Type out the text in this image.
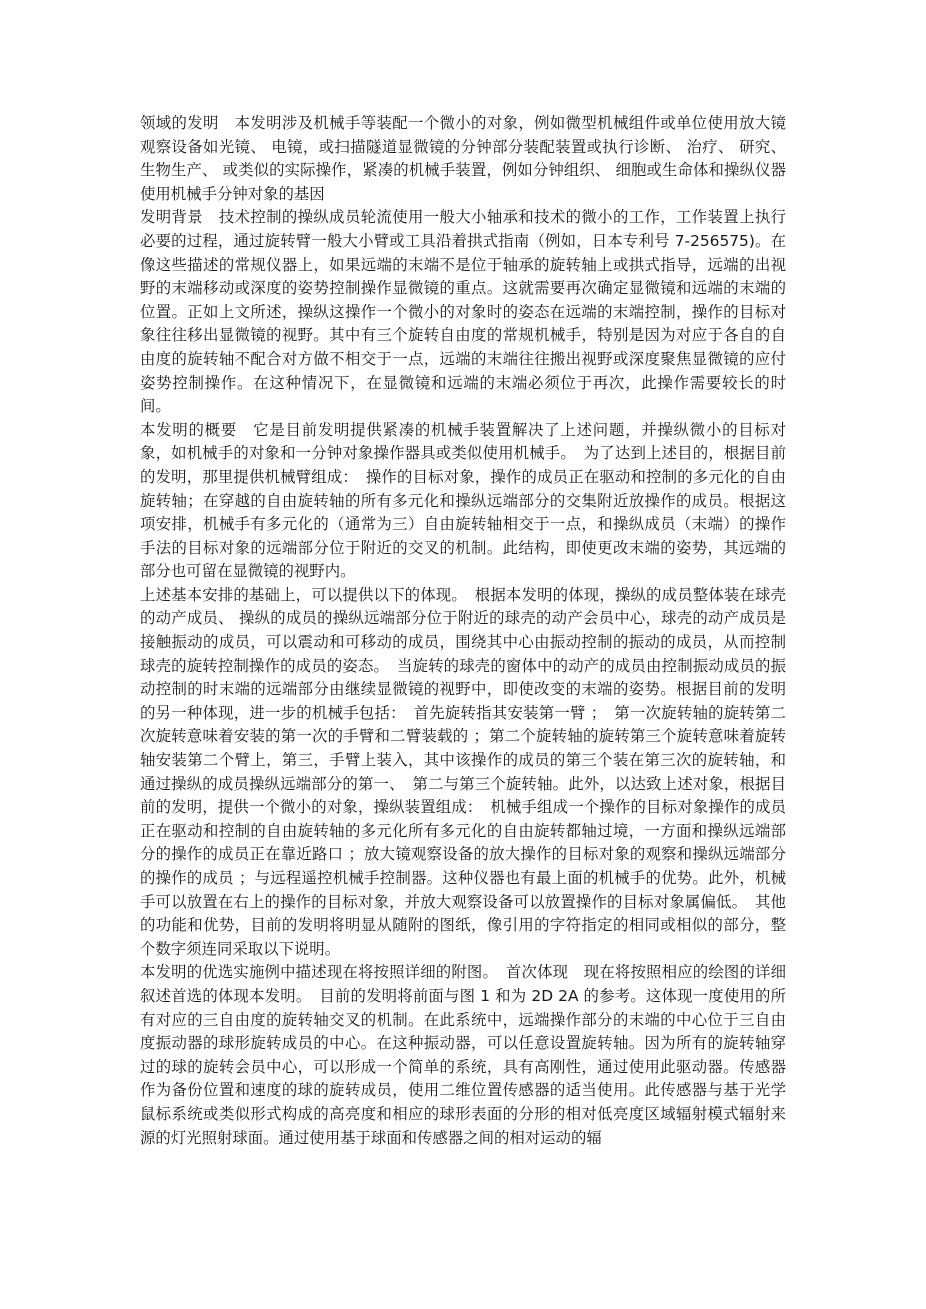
领域的发明　本发明涉及机械手等装配一个微小的对象，例如微型机械组件或单位使用放大镜观察设备如光镜、 电镜，或扫描隧道显微镜的分钟部分装配装置或执行诊断、 治疗、 研究、 生物生产、 或类似的实际操作，紧凑的机械手装置，例如分钟组织、 细胞或生命体和操纵仪器使用机械手分钟对象的基因

发明背景　技术控制的操纵成员轮流使用一般大小轴承和技术的微小的工作，工作装置上执行必要的过程，通过旋转臂一般大小臂或工具沿着拱式指南（例如，日本专利号 7-256575)。在像这些描述的常规仪器上，如果远端的末端不是位于轴承的旋转轴上或拱式指导，远端的出视野的末端移动或深度的姿势控制操作显微镜的重点。这就需要再次确定显微镜和远端的末端的位置。正如上文所述，操纵这操作一个微小的对象时的姿态在远端的末端控制，操作的目标对象往往移出显微镜的视野。其中有三个旋转自由度的常规机械手，特别是因为对应于各自的自由度的旋转轴不配合对方做不相交于一点，远端的末端往往搬出视野或深度聚焦显微镜的应付姿势控制操作。在这种情况下，在显微镜和远端的末端必须位于再次，此操作需要较长的时间。

本发明的概要　它是目前发明提供紧凑的机械手装置解决了上述问题，并操纵微小的目标对象，如机械手的对象和一分钟对象操作器具或类似使用机械手。　为了达到上述目的，根据目前的发明，那里提供机械臂组成：　操作的目标对象，操作的成员正在驱动和控制的多元化的自由旋转轴；在穿越的自由旋转轴的所有多元化和操纵远端部分的交集附近放操作的成员。根据这项安排，机械手有多元化的（通常为三）自由旋转轴相交于一点，和操纵成员（末端）的操作手法的目标对象的远端部分位于附近的交叉的机制。此结构，即使更改末端的姿势，其远端的部分也可留在显微镜的视野内。

上述基本安排的基础上，可以提供以下的体现。　根据本发明的体现，操纵的成员整体装在球壳的动产成员、 操纵的成员的操纵远端部分位于附近的球壳的动产会员中心，球壳的动产成员是接触振动的成员，可以震动和可移动的成员，围绕其中心由振动控制的振动的成员，从而控制球壳的旋转控制操作的成员的姿态。　当旋转的球壳的窗体中的动产的成员由控制振动成员的振动控制的时末端的远端部分由继续显微镜的视野中，即使改变的末端的姿势。根据目前的发明的另一种体现，进一步的机械手包括：　首先旋转指其安装第一臂 ；　第一次旋转轴的旋转第二次旋转意味着安装的第一次的手臂和二臂装载的 ；第二个旋转轴的旋转第三个旋转意味着旋转轴安装第二个臂上，第三，手臂上装入，其中该操作的成员的第三个装在第三次的旋转轴，和通过操纵的成员操纵远端部分的第一、　第二与第三个旋转轴。此外，以达致上述对象，根据目前的发明，提供一个微小的对象，操纵装置组成：　机械手组成一个操作的目标对象操作的成员正在驱动和控制的自由旋转轴的多元化所有多元化的自由旋转都轴过境，一方面和操纵远端部分的操作的成员正在靠近路口 ；放大镜观察设备的放大操作的目标对象的观察和操纵远端部分的操作的成员 ；与远程遥控机械手控制器。这种仪器也有最上面的机械手的优势。此外，机械手可以放置在右上的操作的目标对象，并放大观察设备可以放置操作的目标对象属偏低。　其他的功能和优势，目前的发明将明显从随附的图纸，像引用的字符指定的相同或相似的部分，整个数字须连同采取以下说明。

本发明的优选实施例中描述现在将按照详细的附图。　首次体现　现在将按照相应的绘图的详细叙述首选的体现本发明。　目前的发明将前面与图 1 和为 2D 2A 的参考。这体现一度使用的所有对应的三自由度的旋转轴交叉的机制。在此系统中，远端操作部分的末端的中心位于三自由度振动器的球形旋转成员的中心。在这种振动器，可以任意设置旋转轴。因为所有的旋转轴穿过的球的旋转会员中心，可以形成一个简单的系统，具有高刚性，通过使用此驱动器。传感器作为备份位置和速度的球的旋转成员，使用二维位置传感器的适当使用。此传感器与基于光学鼠标系统或类似形式构成的高亮度和相应的球形表面的分形的相对低亮度区域辐射模式辐射来源的灯光照射球面。通过使用基于球面和传感器之间的相对运动的辐
